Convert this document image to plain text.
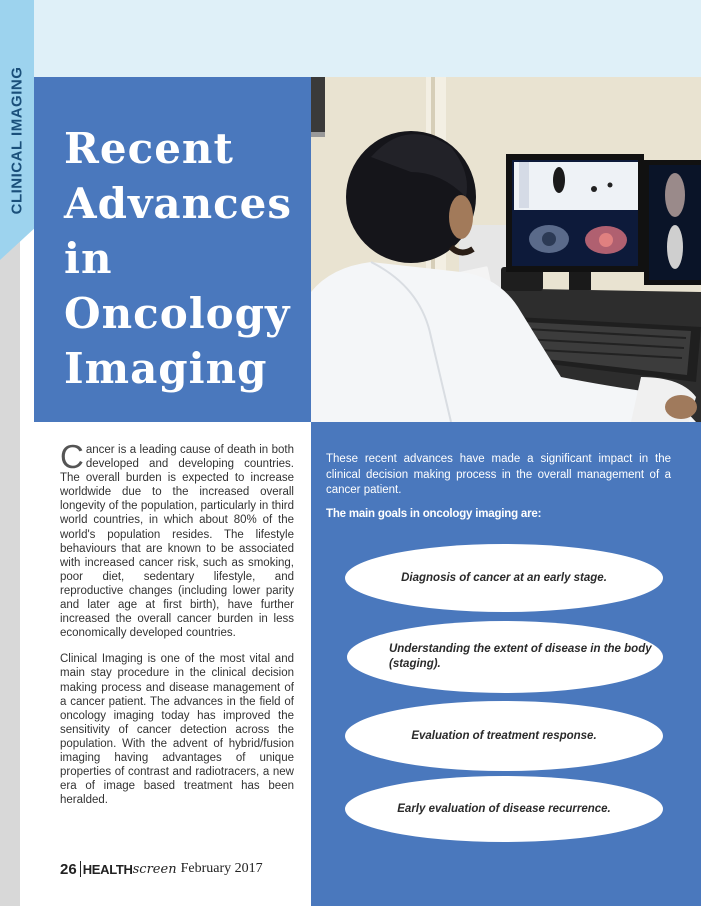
CLINICAL IMAGING Recent
Advances
in
Oncology
Imaging

Cancer is a leading cause of death in both developed and developing countries. The overall burden is expected to increase worldwide due to the increased overall longevity of the population, particularly in third world countries, in which about 80% of the world's population resides. The lifestyle behaviours that are known to be associated with increased cancer risk, such as smoking, poor diet, sedentary lifestyle, and reproductive changes (including lower parity and later age at first birth), have further increased the overall cancer burden in less economically developed countries.

Clinical Imaging is one of the most vital and main stay procedure in the clinical decision making process and disease management of a cancer patient. The advances in the field of oncology imaging today has improved the sensitivity of cancer detection across the population. With the advent of hybrid/fusion imaging having advantages of unique properties of contrast and radiotracers, a new era of image based treatment has been heralded.

These recent advances have made a significant impact in the clinical decision making process in the overall management of a cancer patient.

The main goals in oncology imaging are:

Diagnosis of cancer at an early stage.
Understanding the extent of disease in the body (staging).
Evaluation of treatment response.
Early evaluation of disease recurrence.
26 HEALTH screen February 2017
